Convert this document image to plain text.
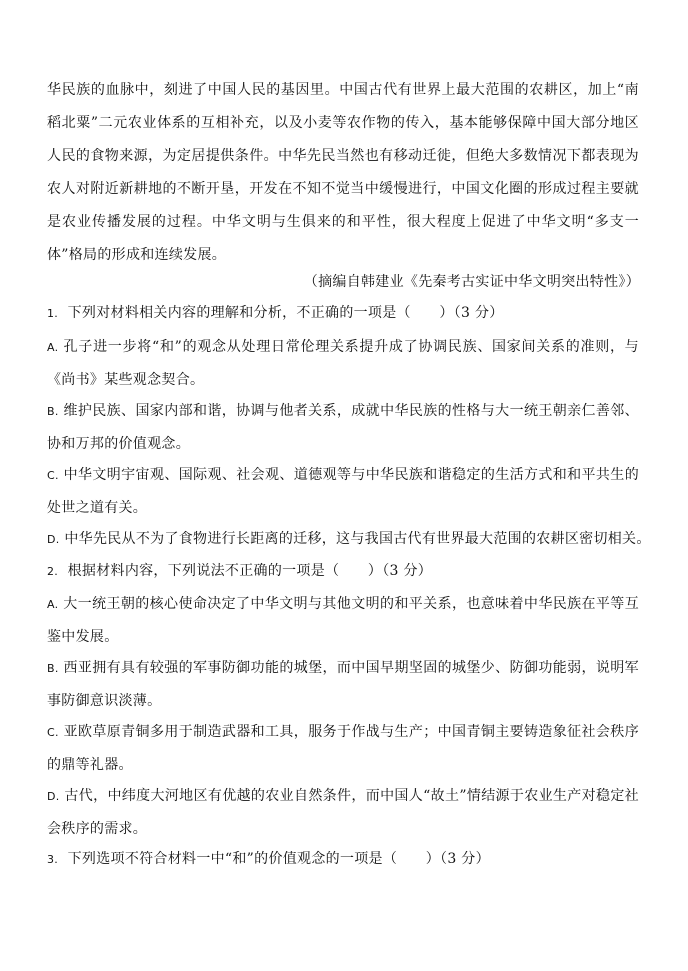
华民族的血脉中，刻进了中国人民的基因里。中国古代有世界上最大范围的农耕区，加上“南稻北粟”二元农业体系的互相补充，以及小麦等农作物的传入，基本能够保障中国大部分地区人民的食物来源，为定居提供条件。中华先民当然也有移动迁徙，但绝大多数情况下都表现为农人对附近新耕地的不断开垦，开发在不知不觉当中缓慢进行，中国文化圈的形成过程主要就是农业传播发展的过程。中华文明与生俱来的和平性，很大程度上促进了中华文明“多支一体”格局的形成和连续发展。
（摘编自韩建业《先秦考古实证中华文明突出特性》）
1. 下列对材料相关内容的理解和分析，不正确的一项是（　　）（3 分）
A. 孔子进一步将“和”的观念从处理日常伦理关系提升成了协调民族、国家间关系的准则，与《尚书》某些观念契合。
B. 维护民族、国家内部和谐，协调与他者关系，成就中华民族的性格与大一统王朝亲仁善邻、协和万邦的价值观念。
C. 中华文明宇宙观、国际观、社会观、道德观等与中华民族和谐稳定的生活方式和和平共生的处世之道有关。
D. 中华先民从不为了食物进行长距离的迁移，这与我国古代有世界最大范围的农耕区密切相关。
2. 根据材料内容，下列说法不正确的一项是（　　）（3 分）
A. 大一统王朝的核心使命决定了中华文明与其他文明的和平关系，也意味着中华民族在平等互鉴中发展。
B. 西亚拥有具有较强的军事防御功能的城堡，而中国早期坚固的城堡少、防御功能弱，说明军事防御意识淡薄。
C. 亚欧草原青铜多用于制造武器和工具，服务于作战与生产；中国青铜主要铸造象征社会秩序的鼎等礼器。
D. 古代，中纬度大河地区有优越的农业自然条件，而中国人“故土”情结源于农业生产对稳定社会秩序的需求。
3. 下列选项不符合材料一中“和”的价值观念的一项是（　　）（3 分）
